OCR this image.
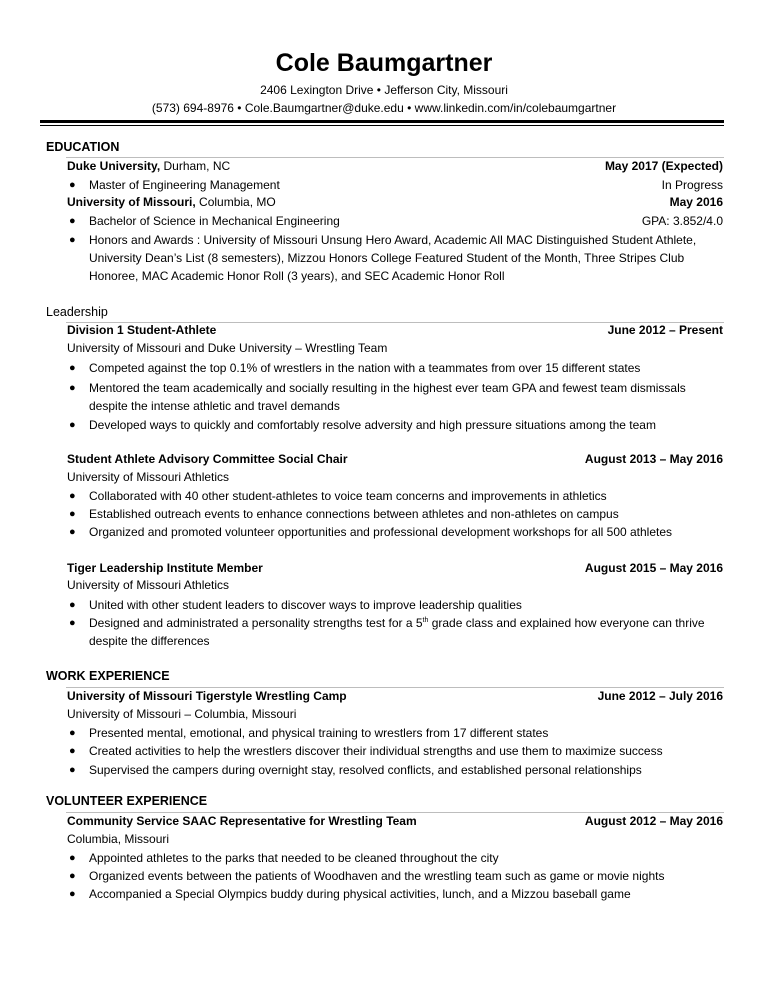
Cole Baumgartner
2406 Lexington Drive • Jefferson City, Missouri
(573) 694-8976 • Cole.Baumgartner@duke.edu • www.linkedin.com/in/colebaumgartner
EDUCATION
Duke University, Durham, NC	May 2017 (Expected)
● Master of Engineering Management	In Progress
University of Missouri, Columbia, MO	May 2016
● Bachelor of Science in Mechanical Engineering	GPA: 3.852/4.0
● Honors and Awards : University of Missouri Unsung Hero Award, Academic All MAC Distinguished Student Athlete, University Dean’s List (8 semesters), Mizzou Honors College Featured Student of the Month, Three Stripes Club Honoree, MAC Academic Honor Roll (3 years), and SEC Academic Honor Roll
Leadership
Division 1 Student-Athlete	June 2012 – Present
University of Missouri and Duke University – Wrestling Team
● Competed against the top 0.1% of wrestlers in the nation with a teammates from over 15 different states
● Mentored the team academically and socially resulting in the highest ever team GPA and fewest team dismissals despite the intense athletic and travel demands
● Developed ways to quickly and comfortably resolve adversity and high pressure situations among the team
Student Athlete Advisory Committee Social Chair	August 2013 – May 2016
University of Missouri Athletics
● Collaborated with 40 other student-athletes to voice team concerns and improvements in athletics
● Established outreach events to enhance connections between athletes and non-athletes on campus
● Organized and promoted volunteer opportunities and professional development workshops for all 500 athletes
Tiger Leadership Institute Member	August 2015 – May 2016
University of Missouri Athletics
● United with other student leaders to discover ways to improve leadership qualities
● Designed and administrated a personality strengths test for a 5th grade class and explained how everyone can thrive despite the differences
WORK EXPERIENCE
University of Missouri Tigerstyle Wrestling Camp	June 2012 – July 2016
University of Missouri – Columbia, Missouri
● Presented mental, emotional, and physical training to wrestlers from 17 different states
● Created activities to help the wrestlers discover their individual strengths and use them to maximize success
● Supervised the campers during overnight stay, resolved conflicts, and established personal relationships
VOLUNTEER EXPERIENCE
Community Service SAAC Representative for Wrestling Team	August 2012 – May 2016
Columbia, Missouri
● Appointed athletes to the parks that needed to be cleaned throughout the city
● Organized events between the patients of Woodhaven and the wrestling team such as game or movie nights
● Accompanied a Special Olympics buddy during physical activities, lunch, and a Mizzou baseball game
